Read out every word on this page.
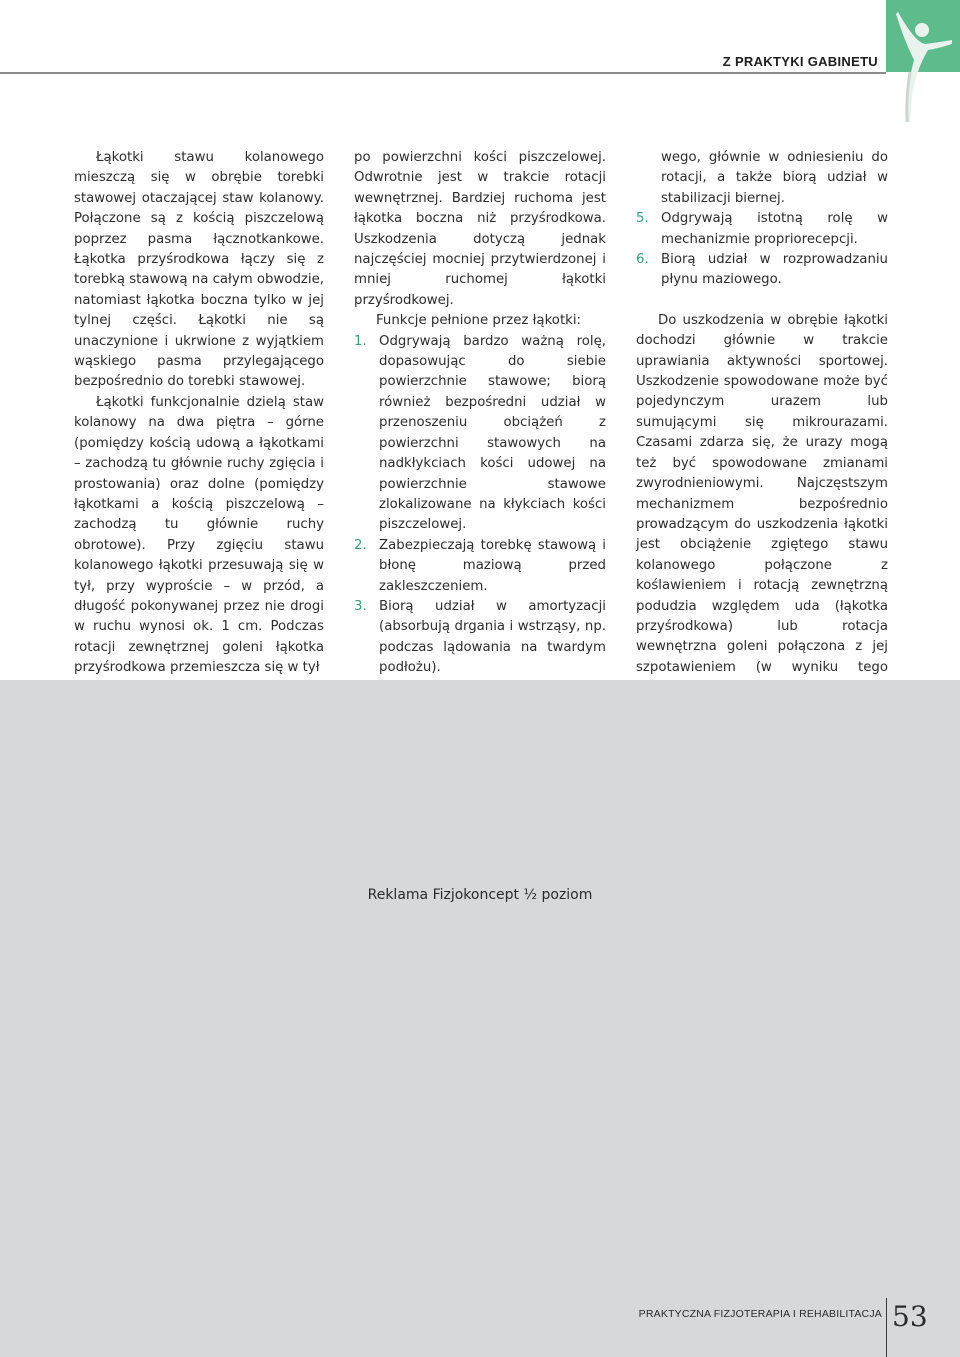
Z PRAKTYKI GABINETU

Łąkotki stawu kolanowego mieszczą się w obrębie torebki stawowej otaczającej staw kolanowy. Połączone są z kością piszczelową poprzez pasma łącznotkankowe. Łąkotka przyśrodkowa łączy się z torebką stawową na całym obwodzie, natomiast łąkotka boczna tylko w jej tylnej części. Łąkotki nie są unaczynione i ukrwione z wyjątkiem wąskiego pasma przylegającego bezpośrednio do torebki stawowej.

Łąkotki funkcjonalnie dzielą staw kolanowy na dwa piętra – górne (pomiędzy kością udową a łąkotkami – zachodzą tu głównie ruchy zgięcia i prostowania) oraz dolne (pomiędzy łąkotkami a kością piszczelową – zachodzą tu głównie ruchy obrotowe). Przy zgięciu stawu kolanowego łąkotki przesuwają się w tył, przy wyproście – w przód, a długość pokonywanej przez nie drogi w ruchu wynosi ok. 1 cm. Podczas rotacji zewnętrznej goleni łąkotka przyśrodkowa przemieszcza się w tył

po powierzchni kości piszczelowej. Odwrotnie jest w trakcie rotacji wewnętrznej. Bardziej ruchoma jest łąkotka boczna niż przyśrodkowa. Uszkodzenia dotyczą jednak najczęściej mocniej przytwierdzonej i mniej ruchomej łąkotki przyśrodkowej.

Funkcje pełnione przez łąkotki:

1. Odgrywają bardzo ważną rolę, dopasowując do siebie powierzchnie stawowe; biorą również bezpośredni udział w przenoszeniu obciążeń z powierzchni stawowych na nadkłykciach kości udowej na powierzchnie stawowe zlokalizowane na kłykciach kości piszczelowej.
2. Zabezpieczają torebkę stawową i błonę maziową przed zakleszczeniem.
3. Biorą udział w amortyzacji (absorbują drgania i wstrząsy, np. podczas lądowania na twardym podłożu).

wego, głównie w odniesieniu do rotacji, a także biorą udział w stabilizacji biernej.

5. Odgrywają istotną rolę w mechanizmie propriorecepcji.
6. Biorą udział w rozprowadzaniu płynu maziowego.

Do uszkodzenia w obrębie łąkotki dochodzi głównie w trakcie uprawiania aktywności sportowej. Uszkodzenie spowodowane może być pojedynczym urazem lub sumującymi się mikrourazami. Czasami zdarza się, że urazy mogą też być spowodowane zmianami zwyrodnieniowymi. Najczęstszym mechanizmem bezpośrednio prowadzącym do uszkodzenia łąkotki jest obciążenie zgiętego stawu kolanowego połączone z koślawieniem i rotacją zewnętrzną podudzia względem uda (łąkotka przyśrodkowa) lub rotacja wewnętrzna goleni połączona z jej szpotawieniem (w wyniku tego

Reklama Fizjokoncept ½ poziom
PRAKTYCZNA FIZJOTERAPIA I REHABILITACJA 53
